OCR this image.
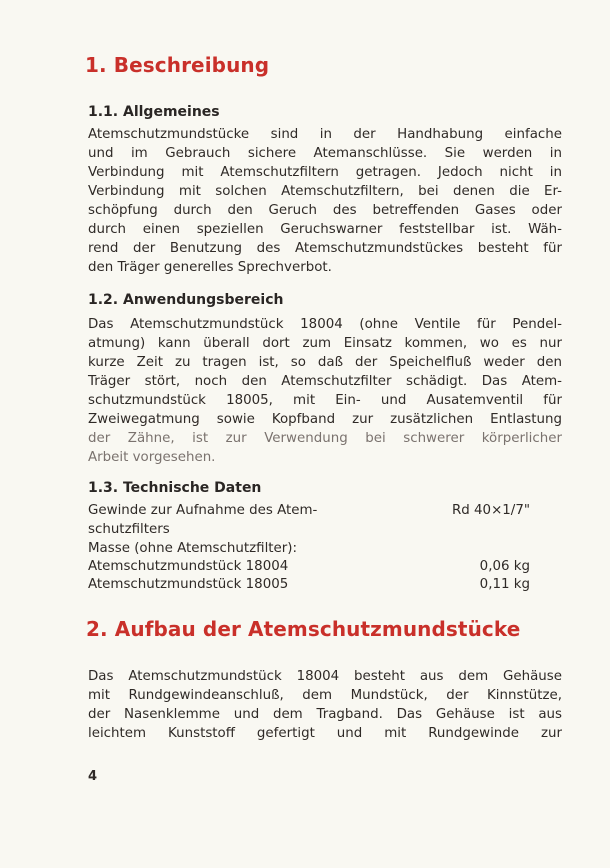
1. Beschreibung
1.1. Allgemeines
Atemschutzmundstücke sind in der Handhabung einfache
und im Gebrauch sichere Atemanschlüsse. Sie werden in
Verbindung mit Atemschutzfiltern getragen. Jedoch nicht in
Verbindung mit solchen Atemschutzfiltern, bei denen die Er-
schöpfung durch den Geruch des betreffenden Gases oder
durch einen speziellen Geruchswarner feststellbar ist. Wäh-
rend der Benutzung des Atemschutzmundstückes besteht für
den Träger generelles Sprechverbot.
1.2. Anwendungsbereich
Das Atemschutzmundstück 18004 (ohne Ventile für Pendel-
atmung) kann überall dort zum Einsatz kommen, wo es nur
kurze Zeit zu tragen ist, so daß der Speichelfluß weder den
Träger stört, noch den Atemschutzfilter schädigt. Das Atem-
schutzmundstück 18005, mit Ein- und Ausatemventil für
Zweiwegatmung sowie Kopfband zur zusätzlichen Entlastung
der Zähne, ist zur Verwendung bei schwerer körperlicher
Arbeit vorgesehen.
1.3. Technische Daten
Gewinde zur Aufnahme des Atem-	Rd 40×1/7"
schutzfilters
Masse (ohne Atemschutzfilter):
Atemschutzmundstück 18004	0,06 kg
Atemschutzmundstück 18005	0,11 kg
2. Aufbau der Atemschutzmundstücke
Das Atemschutzmundstück 18004 besteht aus dem Gehäuse
mit Rundgewindeanschluß, dem Mundstück, der Kinnstütze,
der Nasenklemme und dem Tragband. Das Gehäuse ist aus
leichtem Kunststoff gefertigt und mit Rundgewinde zur
4
